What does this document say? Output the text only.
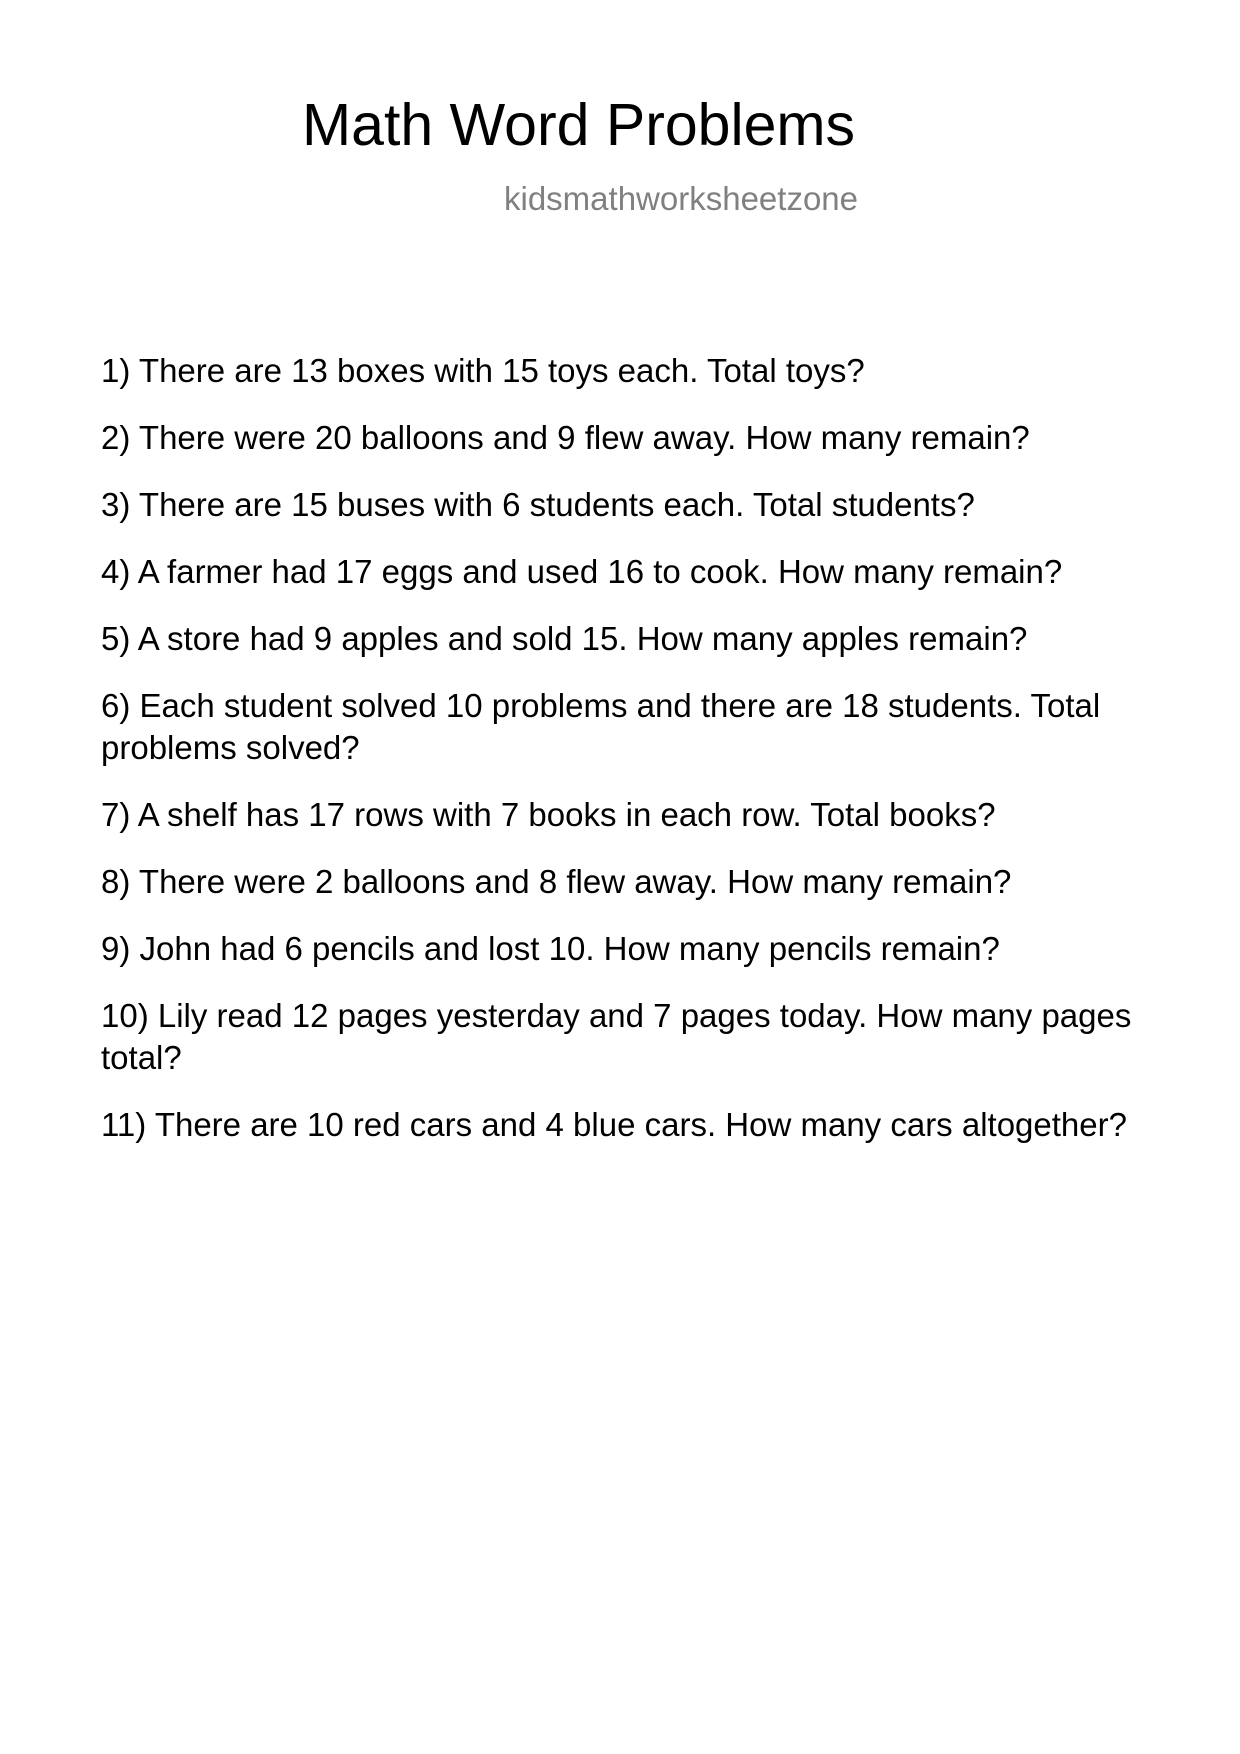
Math Word Problems
kidsmathworksheetzone
1) There are 13 boxes with 15 toys each. Total toys?
2) There were 20 balloons and 9 flew away. How many remain?
3) There are 15 buses with 6 students each. Total students?
4) A farmer had 17 eggs and used 16 to cook. How many remain?
5) A store had 9 apples and sold 15. How many apples remain?
6) Each student solved 10 problems and there are 18 students. Total problems solved?
7) A shelf has 17 rows with 7 books in each row. Total books?
8) There were 2 balloons and 8 flew away. How many remain?
9) John had 6 pencils and lost 10. How many pencils remain?
10) Lily read 12 pages yesterday and 7 pages today. How many pages total?
11) There are 10 red cars and 4 blue cars. How many cars altogether?
